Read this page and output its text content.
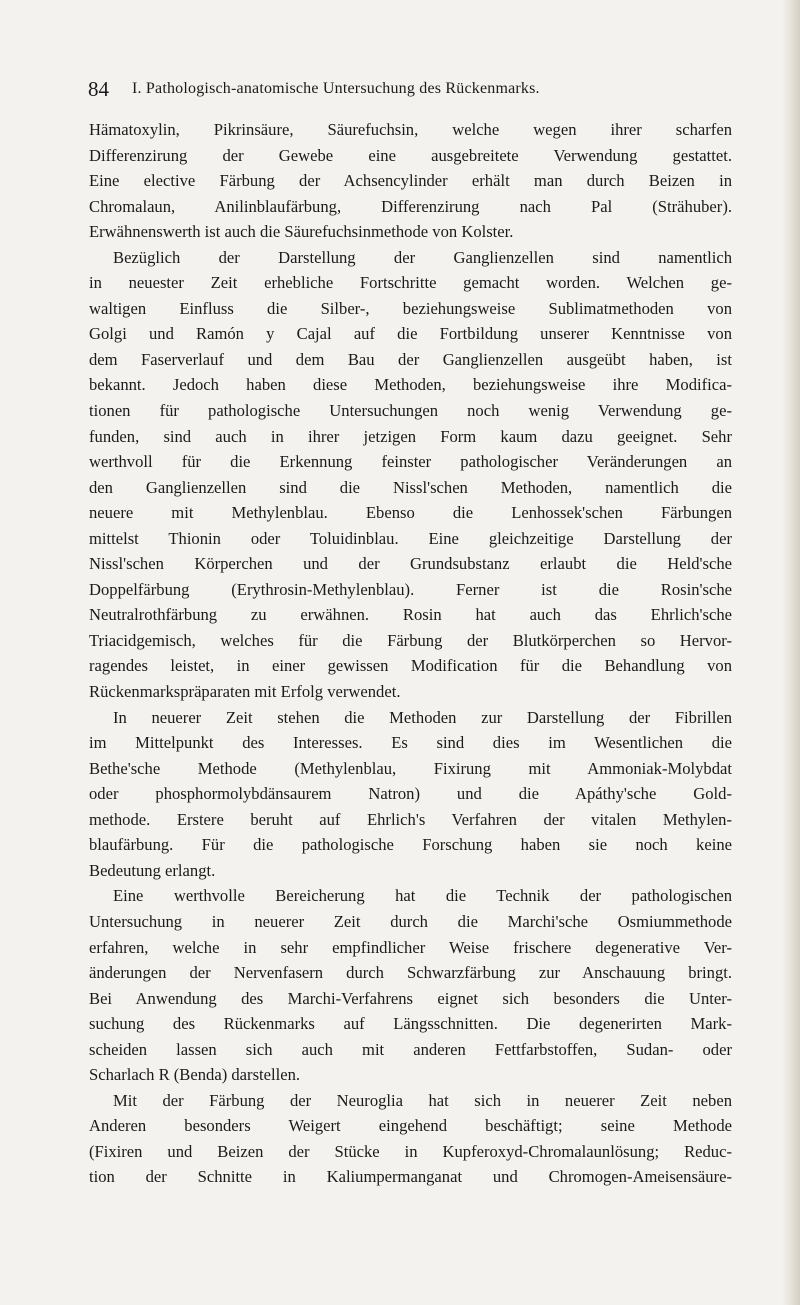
84 I. Pathologisch-anatomische Untersuchung des Rückenmarks.
Hämatoxylin, Pikrinsäure, Säurefuchsin, welche wegen ihrer scharfen
Differenzirung der Gewebe eine ausgebreitete Verwendung gestattet.
Eine elective Färbung der Achsencylinder erhält man durch Beizen in
Chromalaun, Anilinblaufärbung, Differenzirung nach Pal (Strähuber).
Erwähnenswerth ist auch die Säurefuchsinmethode von Kolster.
Bezüglich der Darstellung der Ganglienzellen sind namentlich
in neuester Zeit erhebliche Fortschritte gemacht worden. Welchen ge-
waltigen Einfluss die Silber-, beziehungsweise Sublimatmethoden von
Golgi und Ramón y Cajal auf die Fortbildung unserer Kenntnisse von
dem Faserverlauf und dem Bau der Ganglienzellen ausgeübt haben, ist
bekannt. Jedoch haben diese Methoden, beziehungsweise ihre Modifica-
tionen für pathologische Untersuchungen noch wenig Verwendung ge-
funden, sind auch in ihrer jetzigen Form kaum dazu geeignet. Sehr
werthvoll für die Erkennung feinster pathologischer Veränderungen an
den Ganglienzellen sind die Nissl'schen Methoden, namentlich die
neuere mit Methylenblau. Ebenso die Lenhossek'schen Färbungen
mittelst Thionin oder Toluidinblau. Eine gleichzeitige Darstellung der
Nissl'schen Körperchen und der Grundsubstanz erlaubt die Held'sche
Doppelfärbung (Erythrosin-Methylenblau). Ferner ist die Rosin'sche
Neutralrothfärbung zu erwähnen. Rosin hat auch das Ehrlich'sche
Triacidgemisch, welches für die Färbung der Blutkörperchen so Hervor-
ragendes leistet, in einer gewissen Modification für die Behandlung von
Rückenmarkspräparaten mit Erfolg verwendet.
In neuerer Zeit stehen die Methoden zur Darstellung der Fibrillen
im Mittelpunkt des Interesses. Es sind dies im Wesentlichen die
Bethe'sche Methode (Methylenblau, Fixirung mit Ammoniak-Molybdat
oder phosphormolybdänsaurem Natron) und die Apáthy'sche Gold-
methode. Erstere beruht auf Ehrlich's Verfahren der vitalen Methylen-
blaufärbung. Für die pathologische Forschung haben sie noch keine
Bedeutung erlangt.
Eine werthvolle Bereicherung hat die Technik der pathologischen
Untersuchung in neuerer Zeit durch die Marchi'sche Osmiummethode
erfahren, welche in sehr empfindlicher Weise frischere degenerative Ver-
änderungen der Nervenfasern durch Schwarzfärbung zur Anschauung bringt.
Bei Anwendung des Marchi-Verfahrens eignet sich besonders die Unter-
suchung des Rückenmarks auf Längsschnitten. Die degenerirten Mark-
scheiden lassen sich auch mit anderen Fettfarbstoffen, Sudan- oder
Scharlach R (Benda) darstellen.
Mit der Färbung der Neuroglia hat sich in neuerer Zeit neben
Anderen besonders Weigert eingehend beschäftigt; seine Methode
(Fixiren und Beizen der Stücke in Kupferoxyd-Chromalaunlösung; Reduc-
tion der Schnitte in Kaliumpermanganat und Chromogen-Ameisensäure-
